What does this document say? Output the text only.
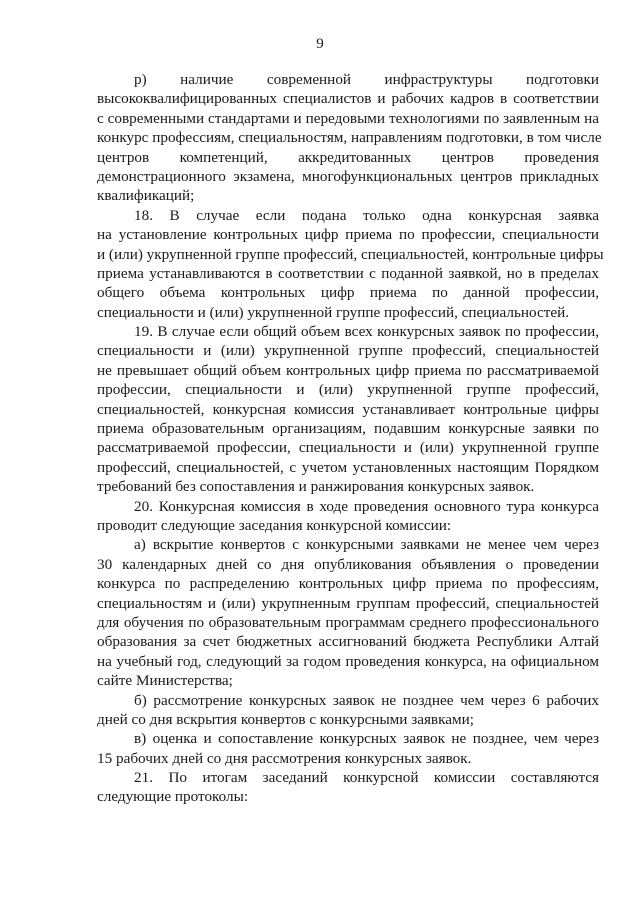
9

р) наличие современной инфраструктуры подготовки
высококвалифицированных специалистов и рабочих кадров в соответствии
с современными стандартами и передовыми технологиями по заявленным на
конкурс профессиям, специальностям, направлениям подготовки, в том числе
центров компетенций, аккредитованных центров проведения
демонстрационного экзамена, многофункциональных центров прикладных
квалификаций;

18. В случае если подана только одна конкурсная заявка
на установление контрольных цифр приема по профессии, специальности
и (или) укрупненной группе профессий, специальностей, контрольные цифры
приема устанавливаются в соответствии с поданной заявкой, но в пределах
общего объема контрольных цифр приема по данной профессии,
специальности и (или) укрупненной группе профессий, специальностей.

19. В случае если общий объем всех конкурсных заявок по профессии,
специальности и (или) укрупненной группе профессий, специальностей
не превышает общий объем контрольных цифр приема по рассматриваемой
профессии, специальности и (или) укрупненной группе профессий,
специальностей, конкурсная комиссия устанавливает контрольные цифры
приема образовательным организациям, подавшим конкурсные заявки по
рассматриваемой профессии, специальности и (или) укрупненной группе
профессий, специальностей, с учетом установленных настоящим Порядком
требований без сопоставления и ранжирования конкурсных заявок.

20. Конкурсная комиссия в ходе проведения основного тура конкурса
проводит следующие заседания конкурсной комиссии:

а) вскрытие конвертов с конкурсными заявками не менее чем через
30 календарных дней со дня опубликования объявления о проведении
конкурса по распределению контрольных цифр приема по профессиям,
специальностям и (или) укрупненным группам профессий, специальностей
для обучения по образовательным программам среднего профессионального
образования за счет бюджетных ассигнований бюджета Республики Алтай
на учебный год, следующий за годом проведения конкурса, на официальном
сайте Министерства;

б) рассмотрение конкурсных заявок не позднее чем через 6 рабочих
дней со дня вскрытия конвертов с конкурсными заявками;

в) оценка и сопоставление конкурсных заявок не позднее, чем через
15 рабочих дней со дня рассмотрения конкурсных заявок.

21. По итогам заседаний конкурсной комиссии составляются
следующие протоколы:
